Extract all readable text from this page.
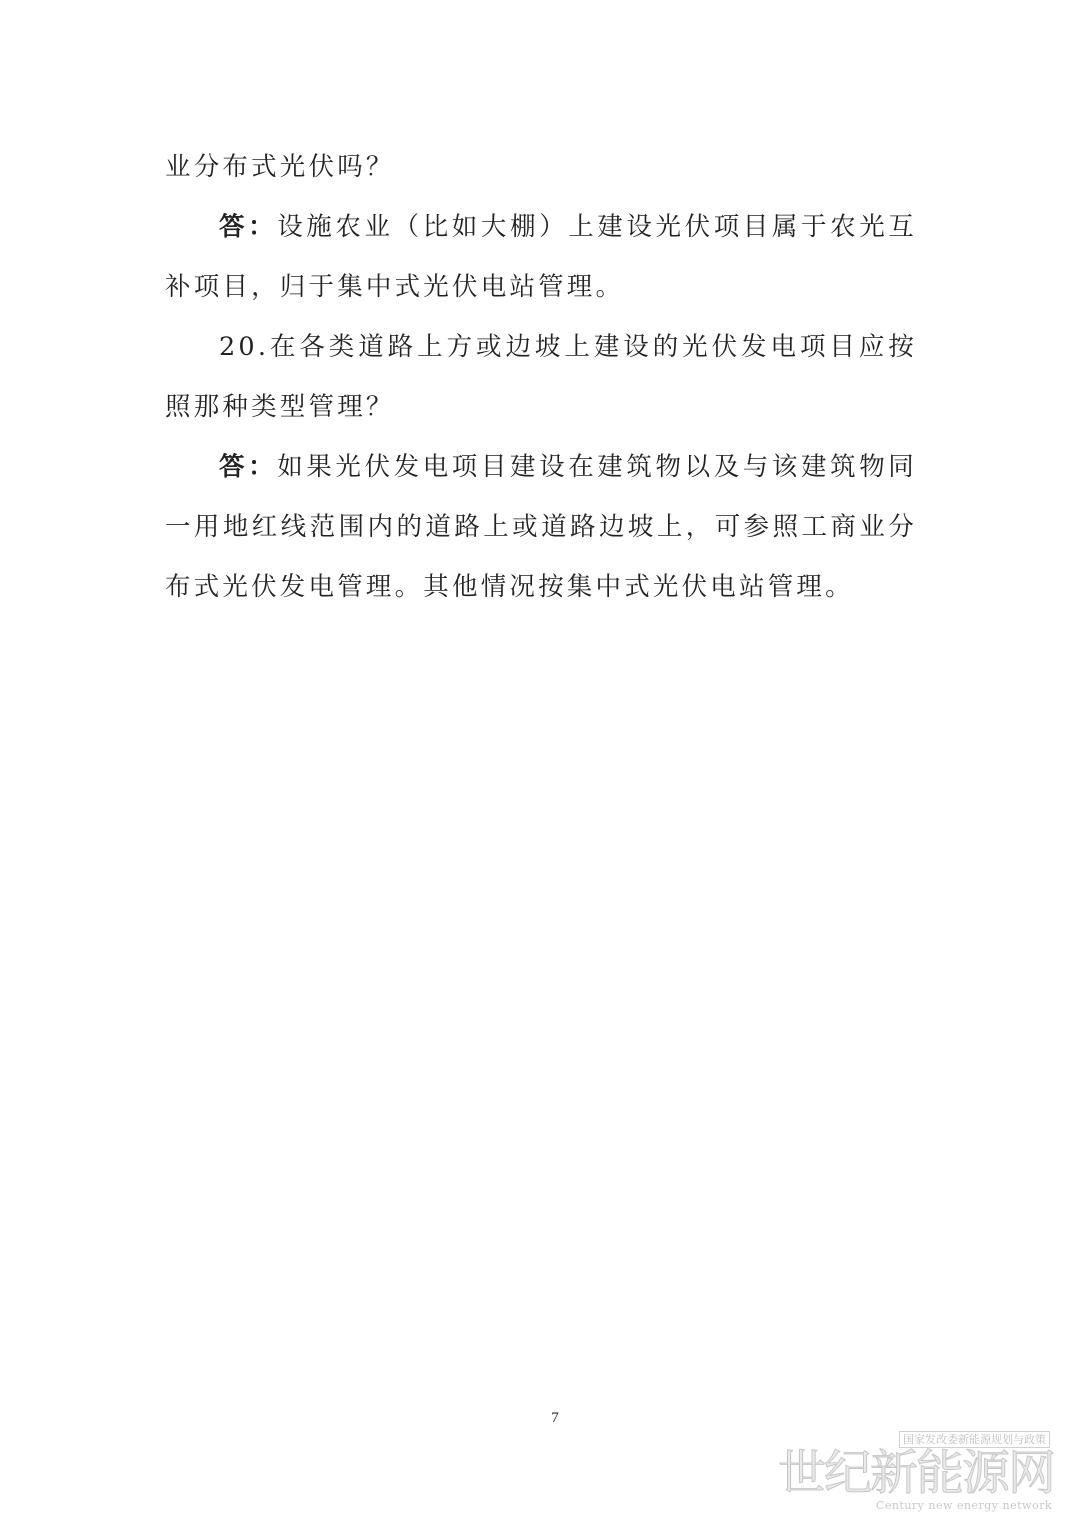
业分布式光伏吗？

答：设施农业（比如大棚）上建设光伏项目属于农光互补项目，归于集中式光伏电站管理。

20.在各类道路上方或边坡上建设的光伏发电项目应按照那种类型管理？

答：如果光伏发电项目建设在建筑物以及与该建筑物同一用地红线范围内的道路上或道路边坡上，可参照工商业分布式光伏发电管理。其他情况按集中式光伏电站管理。

7
国家发改委新能源规划与政策
世纪新能源网
Century new energy network
